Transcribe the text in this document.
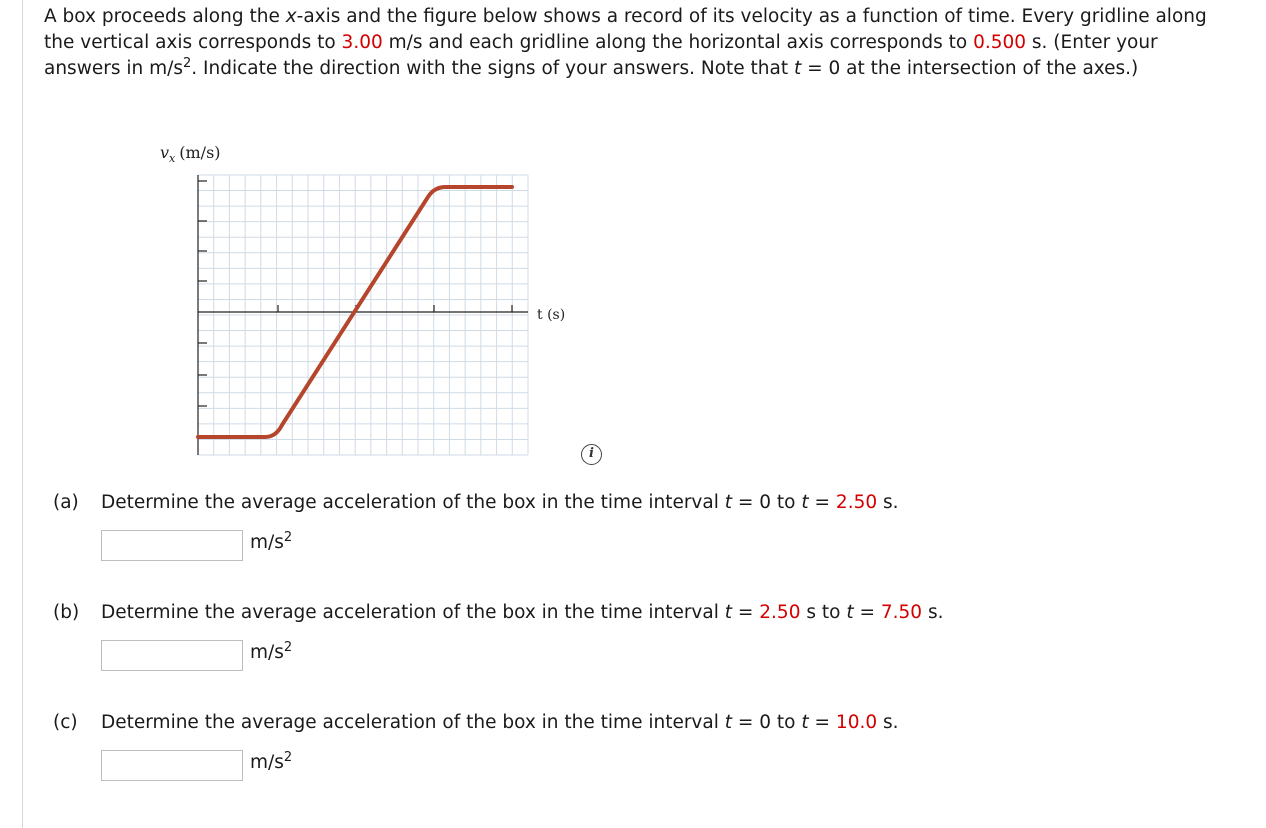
A box proceeds along the x-axis and the figure below shows a record of its velocity as a function of time. Every gridline along the vertical axis corresponds to 3.00 m/s and each gridline along the horizontal axis corresponds to 0.500 s. (Enter your answers in $m/s^2$. Indicate the direction with the signs of your answers. Note that t = 0 at the intersection of the axes.)
$v_x$ (m/s)
t (s)
i
(a) Determine the average acceleration of the box in the time interval t = 0 to t = 2.50 s.
$m/s^2$
(b) Determine the average acceleration of the box in the time interval t = 2.50 s to t = 7.50 s.
$m/s^2$
(c) Determine the average acceleration of the box in the time interval t = 0 to t = 10.0 s.
$m/s^2$
